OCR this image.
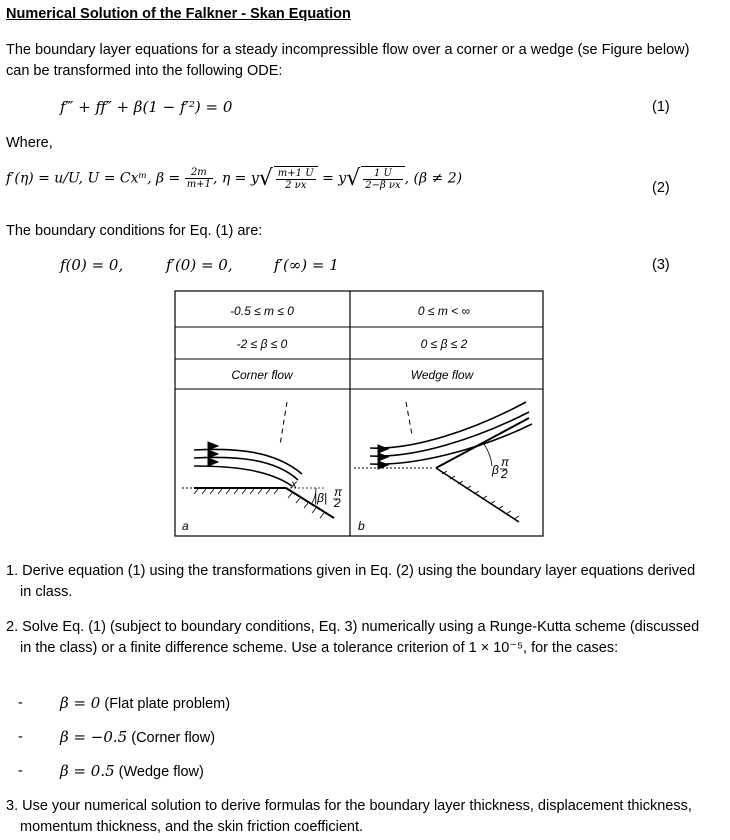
Numerical Solution of the Falkner - Skan Equation
The boundary layer equations for a steady incompressible flow over a corner or a wedge (se Figure below) can be transformed into the following ODE:
f‴ + ff″ + β(1 − f′²) = 0	(1)
Where,
f′(η) = u/U, U = Cxᵐ, $\beta = \frac{2m}{m+1}$ , $\eta = y√ \frac{m+1 U}{2 \nu x} = y√ \frac{1 U}{\text{2−β νx}}$ , (β ≠ 2)
(2)
The boundary conditions for Eq. (1) are:
f(0) = 0,	f′(0) = 0,	f′(∞) = 1	(3)
-0.5 ≤ m ≤ 0	0 ≤ m < ∞
-2 ≤ β ≤ 0	0 ≤ β ≤ 2
Corner flow	Wedge flow
x
|β| π
2
β
π
2
a	b
1. Derive equation (1) using the transformations given in Eq. (2) using the boundary layer equations derived in class.
2. Solve Eq. (1) (subject to boundary conditions, Eq. 3) numerically using a Runge-Kutta scheme (discussed in the class) or a finite difference scheme. Use a tolerance criterion of 1 × 10⁻⁵, for the cases:
- β = 0 (Flat plate problem)
- β = −0.5 (Corner flow)
- β = 0.5 (Wedge flow)
3. Use your numerical solution to derive formulas for the boundary layer thickness, displacement thickness, momentum thickness, and the skin friction coefficient.
